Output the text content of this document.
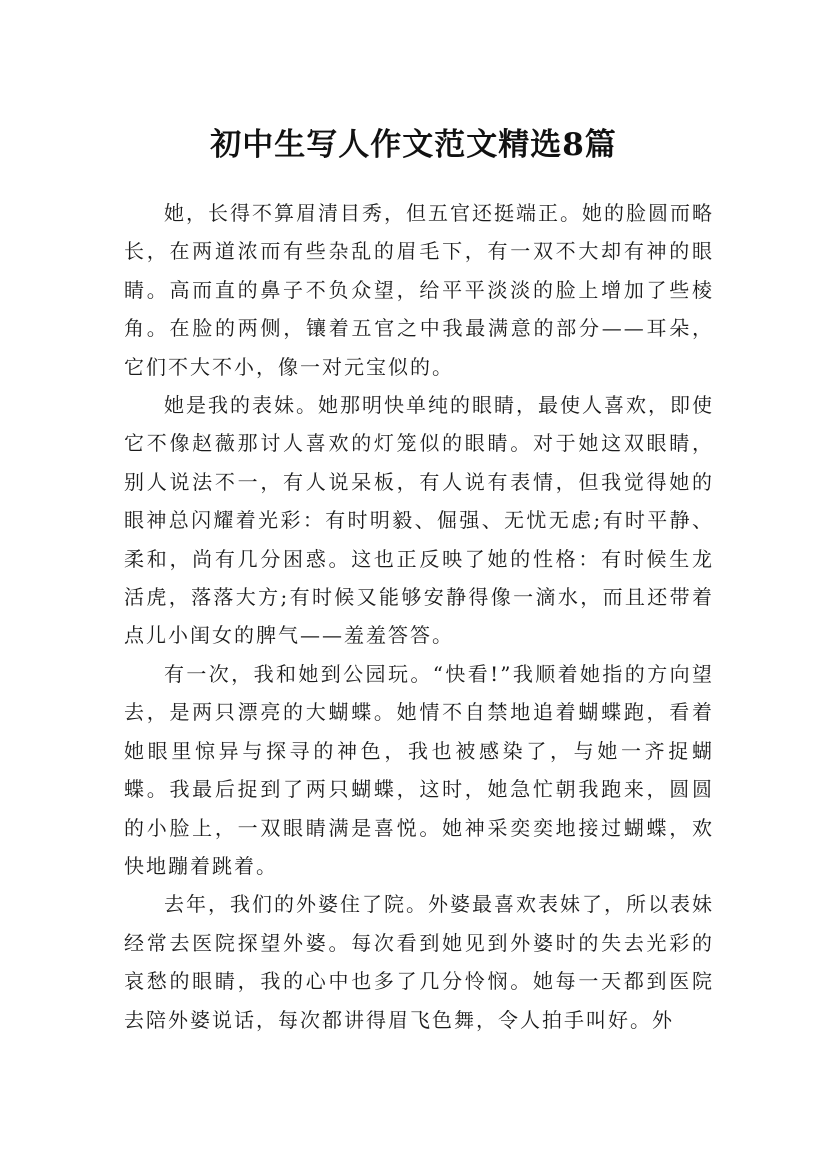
初中生写人作文范文精选8篇

她，长得不算眉清目秀，但五官还挺端正。她的脸圆而略长，在两道浓而有些杂乱的眉毛下，有一双不大却有神的眼睛。高而直的鼻子不负众望，给平平淡淡的脸上增加了些棱角。在脸的两侧，镶着五官之中我最满意的部分——耳朵，它们不大不小，像一对元宝似的。

她是我的表妹。她那明快单纯的眼睛，最使人喜欢，即使它不像赵薇那讨人喜欢的灯笼似的眼睛。对于她这双眼睛，别人说法不一，有人说呆板，有人说有表情，但我觉得她的眼神总闪耀着光彩：有时明毅、倔强、无忧无虑;有时平静、柔和，尚有几分困惑。这也正反映了她的性格：有时候生龙活虎，落落大方;有时候又能够安静得像一滴水，而且还带着点儿小闺女的脾气——羞羞答答。

有一次，我和她到公园玩。“快看!”我顺着她指的方向望去，是两只漂亮的大蝴蝶。她情不自禁地追着蝴蝶跑，看着她眼里惊异与探寻的神色，我也被感染了，与她一齐捉蝴蝶。我最后捉到了两只蝴蝶，这时，她急忙朝我跑来，圆圆的小脸上，一双眼睛满是喜悦。她神采奕奕地接过蝴蝶，欢快地蹦着跳着。

去年，我们的外婆住了院。外婆最喜欢表妹了，所以表妹经常去医院探望外婆。每次看到她见到外婆时的失去光彩的哀愁的眼睛，我的心中也多了几分怜悯。她每一天都到医院去陪外婆说话，每次都讲得眉飞色舞，令人拍手叫好。外
